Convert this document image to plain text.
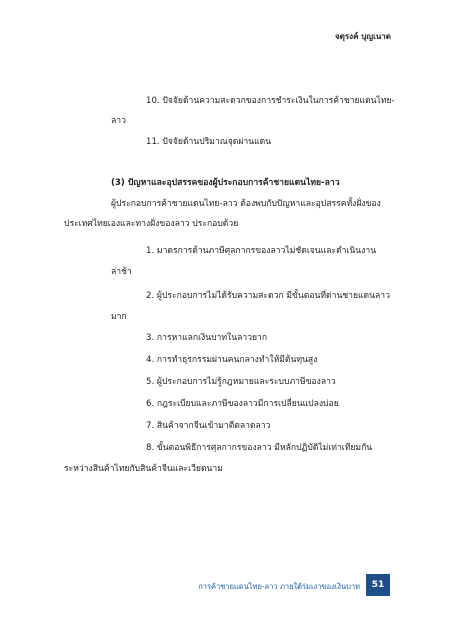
จตุรงค์ บุญเนาด
10. ปัจจัยด้านความสะดวกของการชำระเงินในการค้าชายแดนไทย-
ลาว
11. ปัจจัยด้านปริมาณจุดผ่านแดน
(3) ปัญหาและอุปสรรคของผู้ประกอบการค้าชายแดนไทย-ลาว
ผู้ประกอบการค้าชายแดนไทย-ลาว ต้องพบกับปัญหาและอุปสรรคทั้งฝั่งของ
ประเทศไทยเองและทางฝั่งของลาว ประกอบด้วย
1. มาตรการด้านภาษีศุลกากรของลาวไม่ชัดเจนและดำเนินงาน
ล่าช้า
2. ผู้ประกอบการไม่ได้รับความสะดวก มีขั้นตอนที่ด่านชายแดนลาว
มาก
3. การหาแลกเงินบาทในลาวยาก
4. การทำธุรกรรมผ่านคนกลางทำให้มีต้นทุนสูง
5. ผู้ประกอบการไม่รู้กฎหมายและระบบภาษีของลาว
6. กฎระเบียบและภาษีของลาวมีการเปลี่ยนแปลงบ่อย
7. สินค้าจากจีนเข้ามาตีตลาดลาว
8. ขั้นตอนพิธีการศุลกากรของลาว มีหลักปฏิบัติไม่เท่าเทียมกัน
ระหว่างสินค้าไทยกับสินค้าจีนและเวียดนาม
การค้าชายแดนไทย-ลาว ภายใต้ร่มเงาของเงินบาท 51
